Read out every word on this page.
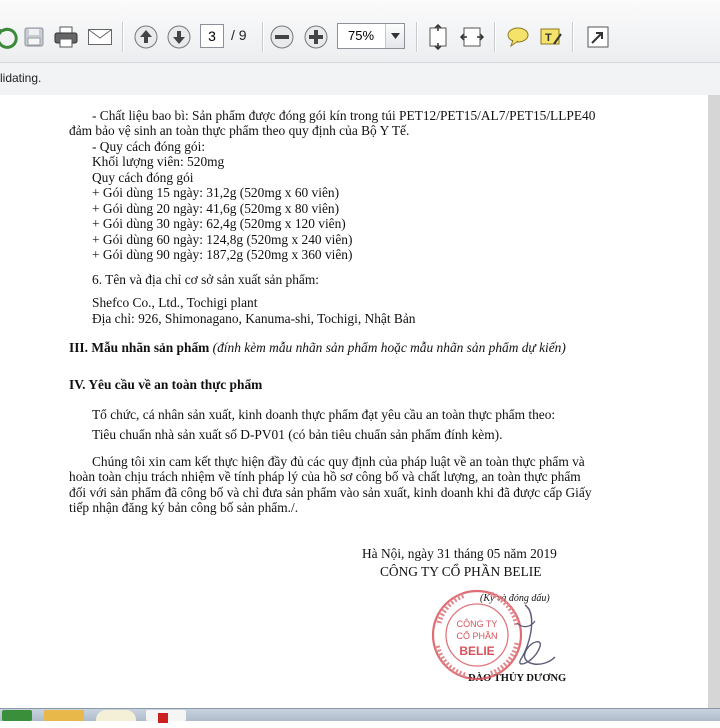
3	/ 9	75%	T
lidating.
- Chất liệu bao bì: Sản phẩm được đóng gói kín trong túi PET12/PET15/AL7/PET15/LLPE40
đảm bảo vệ sinh an toàn thực phẩm theo quy định của Bộ Y Tế.
- Quy cách đóng gói:
Khối lượng viên: 520mg
Quy cách đóng gói
+ Gói dùng 15 ngày: 31,2g (520mg x 60 viên)
+ Gói dùng 20 ngày: 41,6g (520mg x 80 viên)
+ Gói dùng 30 ngày: 62,4g (520mg x 120 viên)
+ Gói dùng 60 ngày: 124,8g (520mg x 240 viên)
+ Gói dùng 90 ngày: 187,2g (520mg x 360 viên)
6. Tên và địa chỉ cơ sở sản xuất sản phẩm:
Shefco Co., Ltd., Tochigi plant
Địa chỉ: 926, Shimonagano, Kanuma-shi, Tochigi, Nhật Bản
III. Mẫu nhãn sản phẩm (đính kèm mẫu nhãn sản phẩm hoặc mẫu nhãn sản phẩm dự kiến)
IV. Yêu cầu về an toàn thực phẩm
Tổ chức, cá nhân sản xuất, kinh doanh thực phẩm đạt yêu cầu an toàn thực phẩm theo:
Tiêu chuẩn nhà sản xuất số D-PV01 (có bản tiêu chuẩn sản phẩm đính kèm).
Chúng tôi xin cam kết thực hiện đầy đủ các quy định của pháp luật về an toàn thực phẩm và
hoàn toàn chịu trách nhiệm về tính pháp lý của hồ sơ công bố và chất lượng, an toàn thực phẩm
đối với sản phẩm đã công bố và chỉ đưa sản phẩm vào sản xuất, kinh doanh khi đã được cấp Giấy
tiếp nhận đăng ký bản công bố sản phẩm./.
Hà Nội, ngày 31 tháng 05 năm 2019
CÔNG TY CỔ PHẦN BELIE
(Ký và đóng dấu)
ĐÀO THỦY DƯƠNG
CÔNG TY
CỔ PHẦN
BELIE
